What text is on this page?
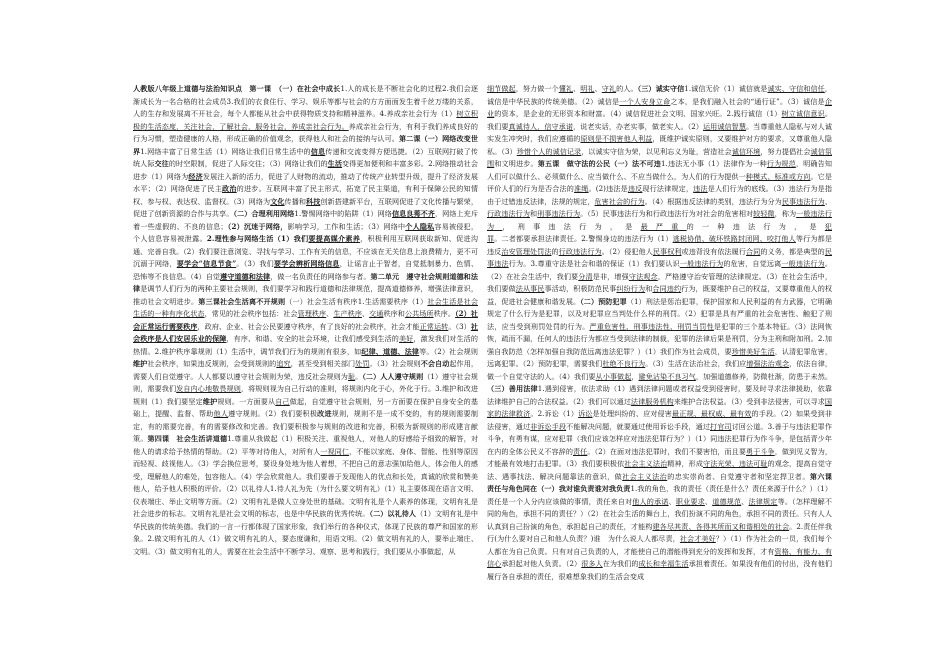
人教版八年级上道德与法治知识点　第一课　（一）在社会中成长1.人的成长是不断社会化的过程2.我们会逐渐成长为一名合格的社会成员3.我们的衣食住行、学习、娱乐等都与社会的方方面面发生着千丝万缕的关系，人的生存和发展离不开社会，每个人都能从社会中获得物质支持和精神滋养。4.养成亲社会行为（1）树立积极的生活态度，关注社会，了解社会，服务社会，养成亲社会行为。养成亲社会行为，有利于我们养成良好的行为习惯，塑造健康的人格，形成正确的价值观念，获得他人和社会的接纳与认可。第二课（一）网络改变世界1.网络丰富了日常生活（1）网络让我们日常生活中的信息传递和交流变得方便迅捷。（2）互联网打破了传统人际交往的时空限制，促进了人际交往；（3）网络让我们的生活变得更加便利和丰富多彩。2.网络推动社会进步（1）网络为经济发展注入新的活力，促进了人财物的流动，推动了传统产业转型升级，提升了经济发展水平；（2）网络促进了民主政治的进步。互联网丰富了民主形式，拓宽了民主渠道，有利于保障公民的知情权、参与权、表达权、监督权。（3）网络为文化传播和科技创新搭建新平台，互联网促进了文化传播与繁荣，促进了创新资源的合作与共享。（二）合理利用网络1.警惕网络中的陷阱（1）网络信息良莠不齐，网络上充斥着一些虚假的、不良的信息；（2）沉迷于网络，影响学习，工作和生活；（3）网络中个人隐私容易被侵犯，个人信息容易被泄露。2.理性参与网络生活（1）我们要提高媒介素养，积极利用互联网获取新知、促进沟通、完善自我。（2）我们要注意浏览、寻找与学习、工作有关的信息，不应该在无关信息上浪费精力，更不可沉溺于网络，要学会“信息节食”。（3）我们要学会辨析网络信息，让谣言止于智者，自觉抵制暴力、色情、恐怖等不良信息。（4）自觉遵守道德和法律，做一名负责任的网络参与者。第二单元　遵守社会规则道德和法律是调节人们行为的两种主要社会规则，我们要学习和践行道德和法律规范，提高道德修养，增强法律意识，推动社会文明进步。第三课社会生活离不开规则（一）社会生活有秩序1.生活需要秩序（1）社会生活是社会生活的一种有序化状态，常见的社会秩序包括：社会管理秩序、生产秩序、交通秩序和公共场所秩序。（2）社会正常运行需要秩序，政府、企业、社会公民要遵守秩序，有了良好的社会秩序，社会才能正常运转。（3）社会秩序是人们安居乐业的保障，有序、和谐、安全的社会环境，让我们感受到生活的美好，激发我们对生活的热情。2.维护秩序靠规则（1）生活中，调节我们行为的规则有很多，如纪律、道德、法律等。（2）社会规则维护社会秩序，如果违反规则，会受到规则的追究，甚至受到相关部门处罚。（3）社会规则不会自动起作用，需要人们自觉遵守。人人都要以遵守社会规则为荣，违反社会规则为耻。（二）人人遵守规则（1）遵守社会规则，需要我们发自内心地敬畏规则，将规则视为自己行动的准则，将规则内化于心，外化于行。3.维护和改进规则（1）我们要坚定维护规则。一方面要从自己做起，自觉遵守社会规则，另一方面要在保护自身安全的基础上，提醒、监督、帮助他人遵守规则。（2）我们要积极改进规则，规则不是一成不变的，有的规则需要制定，有的需要完善，有的需要修改和完善。我们要积极参与规则的改进和完善，积极为新规则的形成建言献策。第四课　社会生活讲道德1.尊重从我做起（1）积极关注、重视他人，对他人的好感给予细致的解答，对他人的请求给予热情的帮助。（2）平等对待他人，对所有人一视同仁，不能以家庭、身体、智能、性别等原因而轻视、歧视他人。（3）学会换位思考，要设身处地为他人着想，不把自己的意志强加给他人，体会他人的感受，理解他人的难处，包容他人。（4）学会欣赏他人。我们要善于发现他人的优点和长处，真诚的欣赏和赞美他人，给予他人积极的评价。（2）以礼待人1.待人礼为先（为什么要文明有礼）（1）礼主要体现在语言文明、仪表端庄、举止文明等方面。（2）文明有礼是做人立身处世的基础。文明有礼是个人素养的体现，文明有礼是社会进步的标志。文明有礼是社会文明的标志，也是中华民族的优秀传统。（二）以礼待人（1）文明有礼是中华民族的传统美德。我们的一言一行都体现了国家形象，我们举行的各种仪式，体现了民族的尊严和国家的形象。2.做文明有礼的人（1）做文明有礼的人，要态度谦和，用语文明。（2）做文明有礼的人，要举止端庄、文明。（3）做文明有礼的人，需要在社会生活中不断学习、观察、思考和践行，我们要从小事做起，从
细节做起，努力做一个懂礼、明礼、守礼的人。（三）诚实守信1.诚信无价（1）诚信就是诚实、守信和信任，诚信是中华民族的传统美德。（2）诚信是一个人安身立命之本，是我们融入社会的“通行证”。（3）诚信是企业的资本，是企业的无形资本和财富。（4）诚信促进社会文明、国家兴旺。2.践行诚信（1）树立诚信意识。我们要真诚待人，信守承诺，说老实话，办老实事，做老实人。（2）运用诚信智慧。当尊重他人隐私与对人诚实发生冲突时，我们应遵循的原则是不损害他人利益，既维护诚实原则，又要维护对方的要求，又尊重他人隐私。（3）珍惜个人的诚信记录，以诚实守信为荣，以见利忘义为耻，营造社会诚信环境，努力提倡社会诚信氛围和文明进步。第五课　做守法的公民（一）法不可违1.违法无小事（1）法律作为一种行为规范，明确告知人们可以做什么、必须做什么、应当做什么、不应当做什么，为人们的行为提供一种模式、标准或方向。它是评价人们的行为是否合法的准绳。(2)违法是违反现行法律规定，违法是人们行为的底线。（3）违法行为是指由于过错违反法律，法规的规定，危害社会的行为。（4）根据违反法律的类别，违法行为分为民事违法行为、行政违法行为和刑事违法行为。（5）民事违法行为和行政违法行为对社会的危害相对较轻微，称为一般违法行为，刑事违法行为，是最严重的一种违法行为，是犯罪。二者都要承担法律责任。2.警惕身边的违法行为（1）逃税协借、破坏铁路封闭网、咬打他人等行为都是违反治安管理处罚法的行政违法行为。（2）侵犯他人民事权利或违背没有依法履行合同的义务，都是典型的民事违法行为。3.尊重守法是社会和谐的保证（1）我们要认识一般违法行为的危害，自觉远离一般违法行为。（2）在社会生活中，我们要分清是非，增强守法观念，严格遵守治安管理的法律规定。（3）在社会生活中，我们要做法从事民事活动，积极防范民事纠纷行为和合同违约行为，既要维护自己的权益，又要尊重他人的权益，促进社会健康和谐发展。（二）预防犯罪（1）刑法是惩治犯罪，保护国家和人民利益的有力武器，它明确规定了什么行为是犯罪，以及对犯罪应当判处什么样的刑罚。（2）犯罪是具有严重的社会危害性、触犯了刑法，应当受到刑罚处罚的行为。严重危害性、刑事违法性、刑罚当罚性是犯罪的三个基本特征。（3）法网恢恢，疏而不漏，任何人的违法行为都应当受到法律的制裁，犯罪的法律后果是刑罚，分为主刑和附加刑。2.加强自我防范（怎样加强自我防范远离违法犯罪？）（1）我们作为社会成员，要珍惜美好生活，认清犯罪危害，远离犯罪。（2）预防犯罪，需要我们杜绝不良行为。（3）生活在法治社会，我们应增强法治观念，依法自律，做一个自觉守法的人。（4）我们要从小事做起，避免沾染不良习气，加强道德修养，防微杜渐，防患于未然。（三）善用法律1.遇到侵害，依法求助（1）遇到法律问题或者权益受到侵害时，要及时寻求法律援助，依靠法律维护自己的合法权益。（2）我们可以通过法律服务机构来维护合法权益。（3）受到非法侵害，可以寻求国家的法律救济。2.诉讼（1）诉讼是处理纠纷的、应对侵害最正规、最权威、最有效的手段。（2）如果受到非法侵害，通过非诉讼手段不能解决问题，就要通过使用诉讼手段，通过打官司讨回公道。3.善于与违法犯罪作斗争，有勇有谋，应对犯罪（我们应该怎样应对违法犯罪行为？）（1）同违法犯罪行为作斗争，是包括青少年在内的全体公民义不容辞的责任。（2）在面对违法犯罪时，我们不要害怕，而且要勇于斗争，做到见义智为，才能最有效地打击犯罪。（3）我们要积极依社会主义法治精神，形成守法光荣、违法可耻的观念，提高自觉守法、遇事找法、解决问题靠法的意识，做社会主义法治的忠实崇尚者、自觉遵守者和坚定捍卫者。第六课　　责任与角色同在（一）我对谁负责谁对我负责1.我的角色，我的责任（责任是什么？责任来源于什么？）（1）责任是一个人分内应该做的事情，责任来自对他人的承诺、职业要求、道德规范、法律规定等。（怎样理解不同的角色，承担不同的责任？）（2）在社会生活的舞台上，我们扮演不同的角色，承担不同的责任。只有人人认真到自己扮演的角色，承担起自己的责任，才能构建各尽其责、各得其所而又和谐相处的社会。2.责任伴我行(为什么要对自己和他人负责？)谁　为什么说人人都尽责，社会才美好？）（1）作为社会的一员，我们每个人都在为自己负责。只有对自己负责的人，才能使自己的潜能得到充分的发挥和发挥，才有资格、有能力、有信心承担起对他人负责。（2）很多人在为我们的成长和幸福生活承担着责任。如果没有他们的付出，没有他们履行各自承担的责任，很难想象我们的生活会变成
